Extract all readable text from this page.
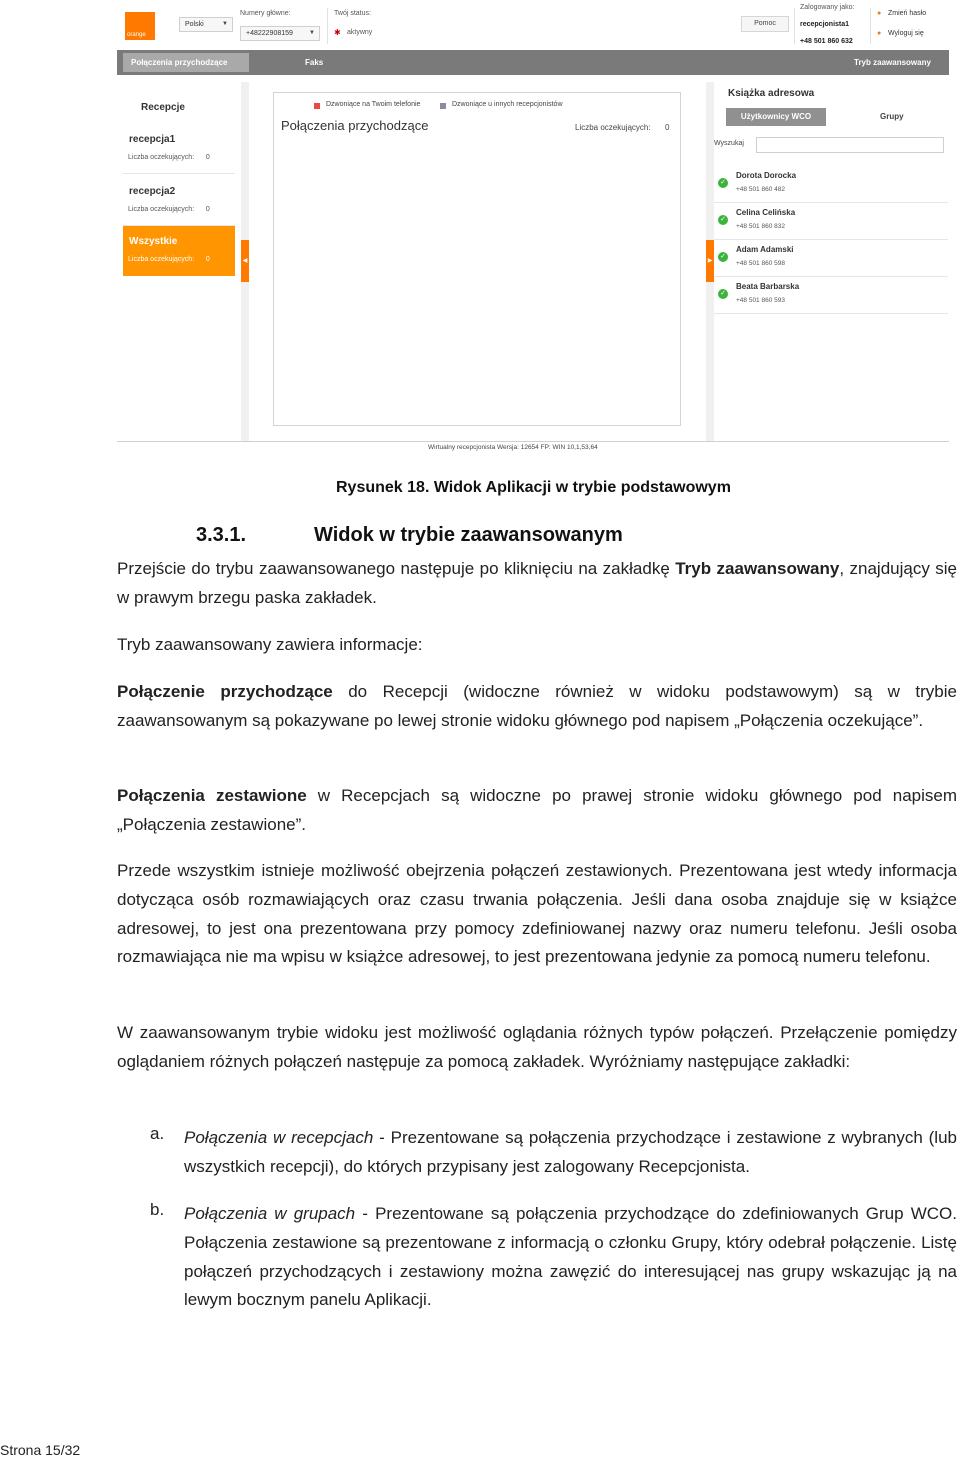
orange
Polski	▼
Numery główne:
+48222908159	▼
Twój status:
✱ aktywny
Pomoc
Zalogowany jako:
recepcjonista1
+48 501 860 632
● Zmień hasło
● Wyloguj się
Połączenia przychodzące	Faks	Tryb zaawansowany
Recepcje
recepcja1
Liczba oczekujących: 0
recepcja2
Liczba oczekujących: 0
Wszystkie
Liczba oczekujących: 0	◀
Dzwoniące na Twoim telefonie	Dzwoniące u innych recepcjonistów
Połączenia przychodzące	Liczba oczekujących: 0
▶
Książka adresowa
Użytkownicy WCO	Grupy
Wyszukaj
✓
Dorota Dorocka
+48 501 860 482
✓
Celina Celińska
+48 501 860 832
✓
Adam Adamski
+48 501 860 598
✓
Beata Barbarska
+48 501 860 593
Wirtualny recepcjonista Wersja: 12654 FP: WIN 10,1,53,64
Rysunek 18. Widok Aplikacji w trybie podstawowym
3.3.1.	Widok w trybie zaawansowanym
Przejście do trybu zaawansowanego następuje po kliknięciu na zakładkę Tryb zaawansowany, znajdujący się w prawym brzegu paska zakładek.
Tryb zaawansowany zawiera informacje:
Połączenie przychodzące do Recepcji (widoczne również w widoku podstawowym) są w trybie zaawansowanym są pokazywane po lewej stronie widoku głównego pod napisem „Połączenia oczekujące”.
Połączenia zestawione w Recepcjach są widoczne po prawej stronie widoku głównego pod napisem „Połączenia zestawione”.
Przede wszystkim istnieje możliwość obejrzenia połączeń zestawionych. Prezentowana jest wtedy informacja dotycząca osób rozmawiających oraz czasu trwania połączenia. Jeśli dana osoba znajduje się w książce adresowej, to jest ona prezentowana przy pomocy zdefiniowanej nazwy oraz numeru telefonu. Jeśli osoba rozmawiająca nie ma wpisu w książce adresowej, to jest prezentowana jedynie za pomocą numeru telefonu.
W zaawansowanym trybie widoku jest możliwość oglądania różnych typów połączeń. Przełączenie pomiędzy oglądaniem różnych połączeń następuje za pomocą zakładek. Wyróżniamy następujące zakładki:
a. Połączenia w recepcjach - Prezentowane są połączenia przychodzące i zestawione z wybranych (lub wszystkich recepcji), do których przypisany jest zalogowany Recepcjonista.
b. Połączenia w grupach - Prezentowane są połączenia przychodzące do zdefiniowanych Grup WCO. Połączenia zestawione są prezentowane z informacją o członku Grupy, który odebrał połączenie. Listę połączeń przychodzących i zestawiony można zawęzić do interesującej nas grupy wskazując ją na lewym bocznym panelu Aplikacji.
Strona 15/32
